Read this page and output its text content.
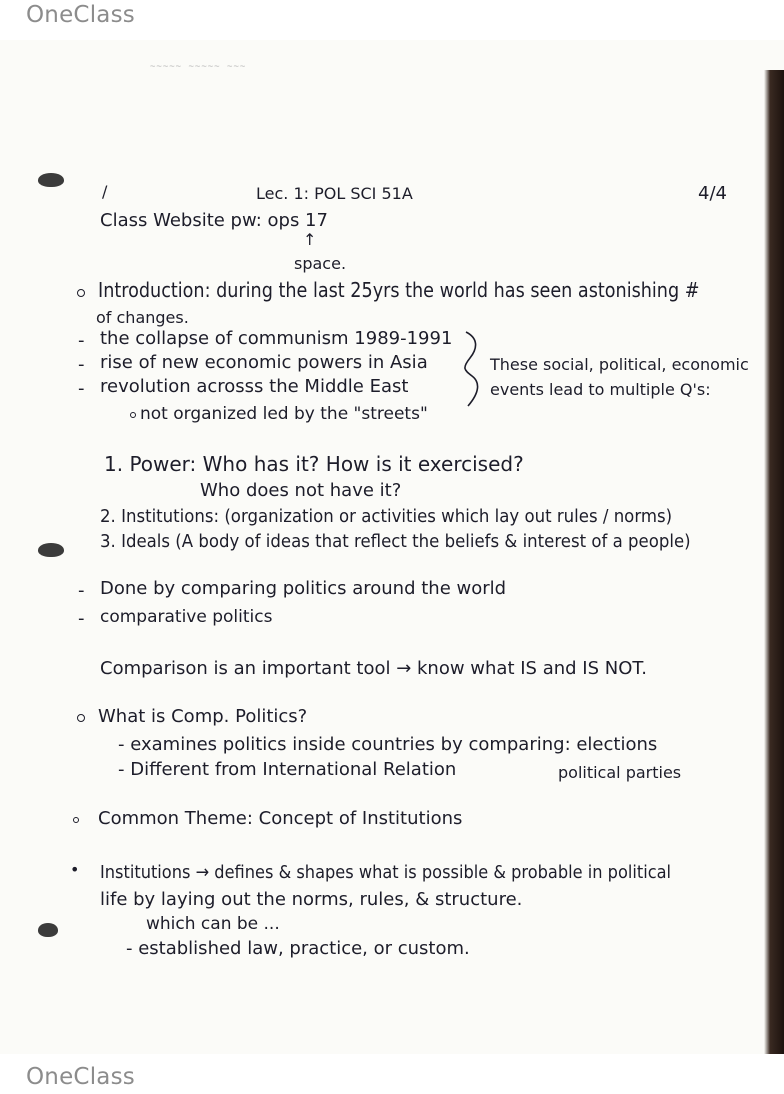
OneClass
~~~~~ ~~~~~ ~~~
/	Lec. 1: POL SCI 51A	4/4
Class Website pw: ops 17
↑
space.
Introduction: during the last 25yrs the world has seen astonishing #
of changes.
- the collapse of communism 1989-1991
- rise of new economic powers in Asia
- revolution acrosss the Middle East
not organized led by the "streets"
These social, political, economic
events lead to multiple Q's:
1. Power: Who has it? How is it exercised?
Who does not have it?
2. Institutions: (organization or activities which lay out rules / norms)
3. Ideals (A body of ideas that reflect the beliefs & interest of a people)
- Done by comparing politics around the world
- comparative politics
Comparison is an important tool → know what IS and IS NOT.
What is Comp. Politics?
- examines politics inside countries by comparing: elections
- Different from International Relation	political parties
Common Theme: Concept of Institutions
• Institutions → defines & shapes what is possible & probable in political
life by laying out the norms, rules, & structure.
which can be ...
- established law, practice, or custom.
OneClass
